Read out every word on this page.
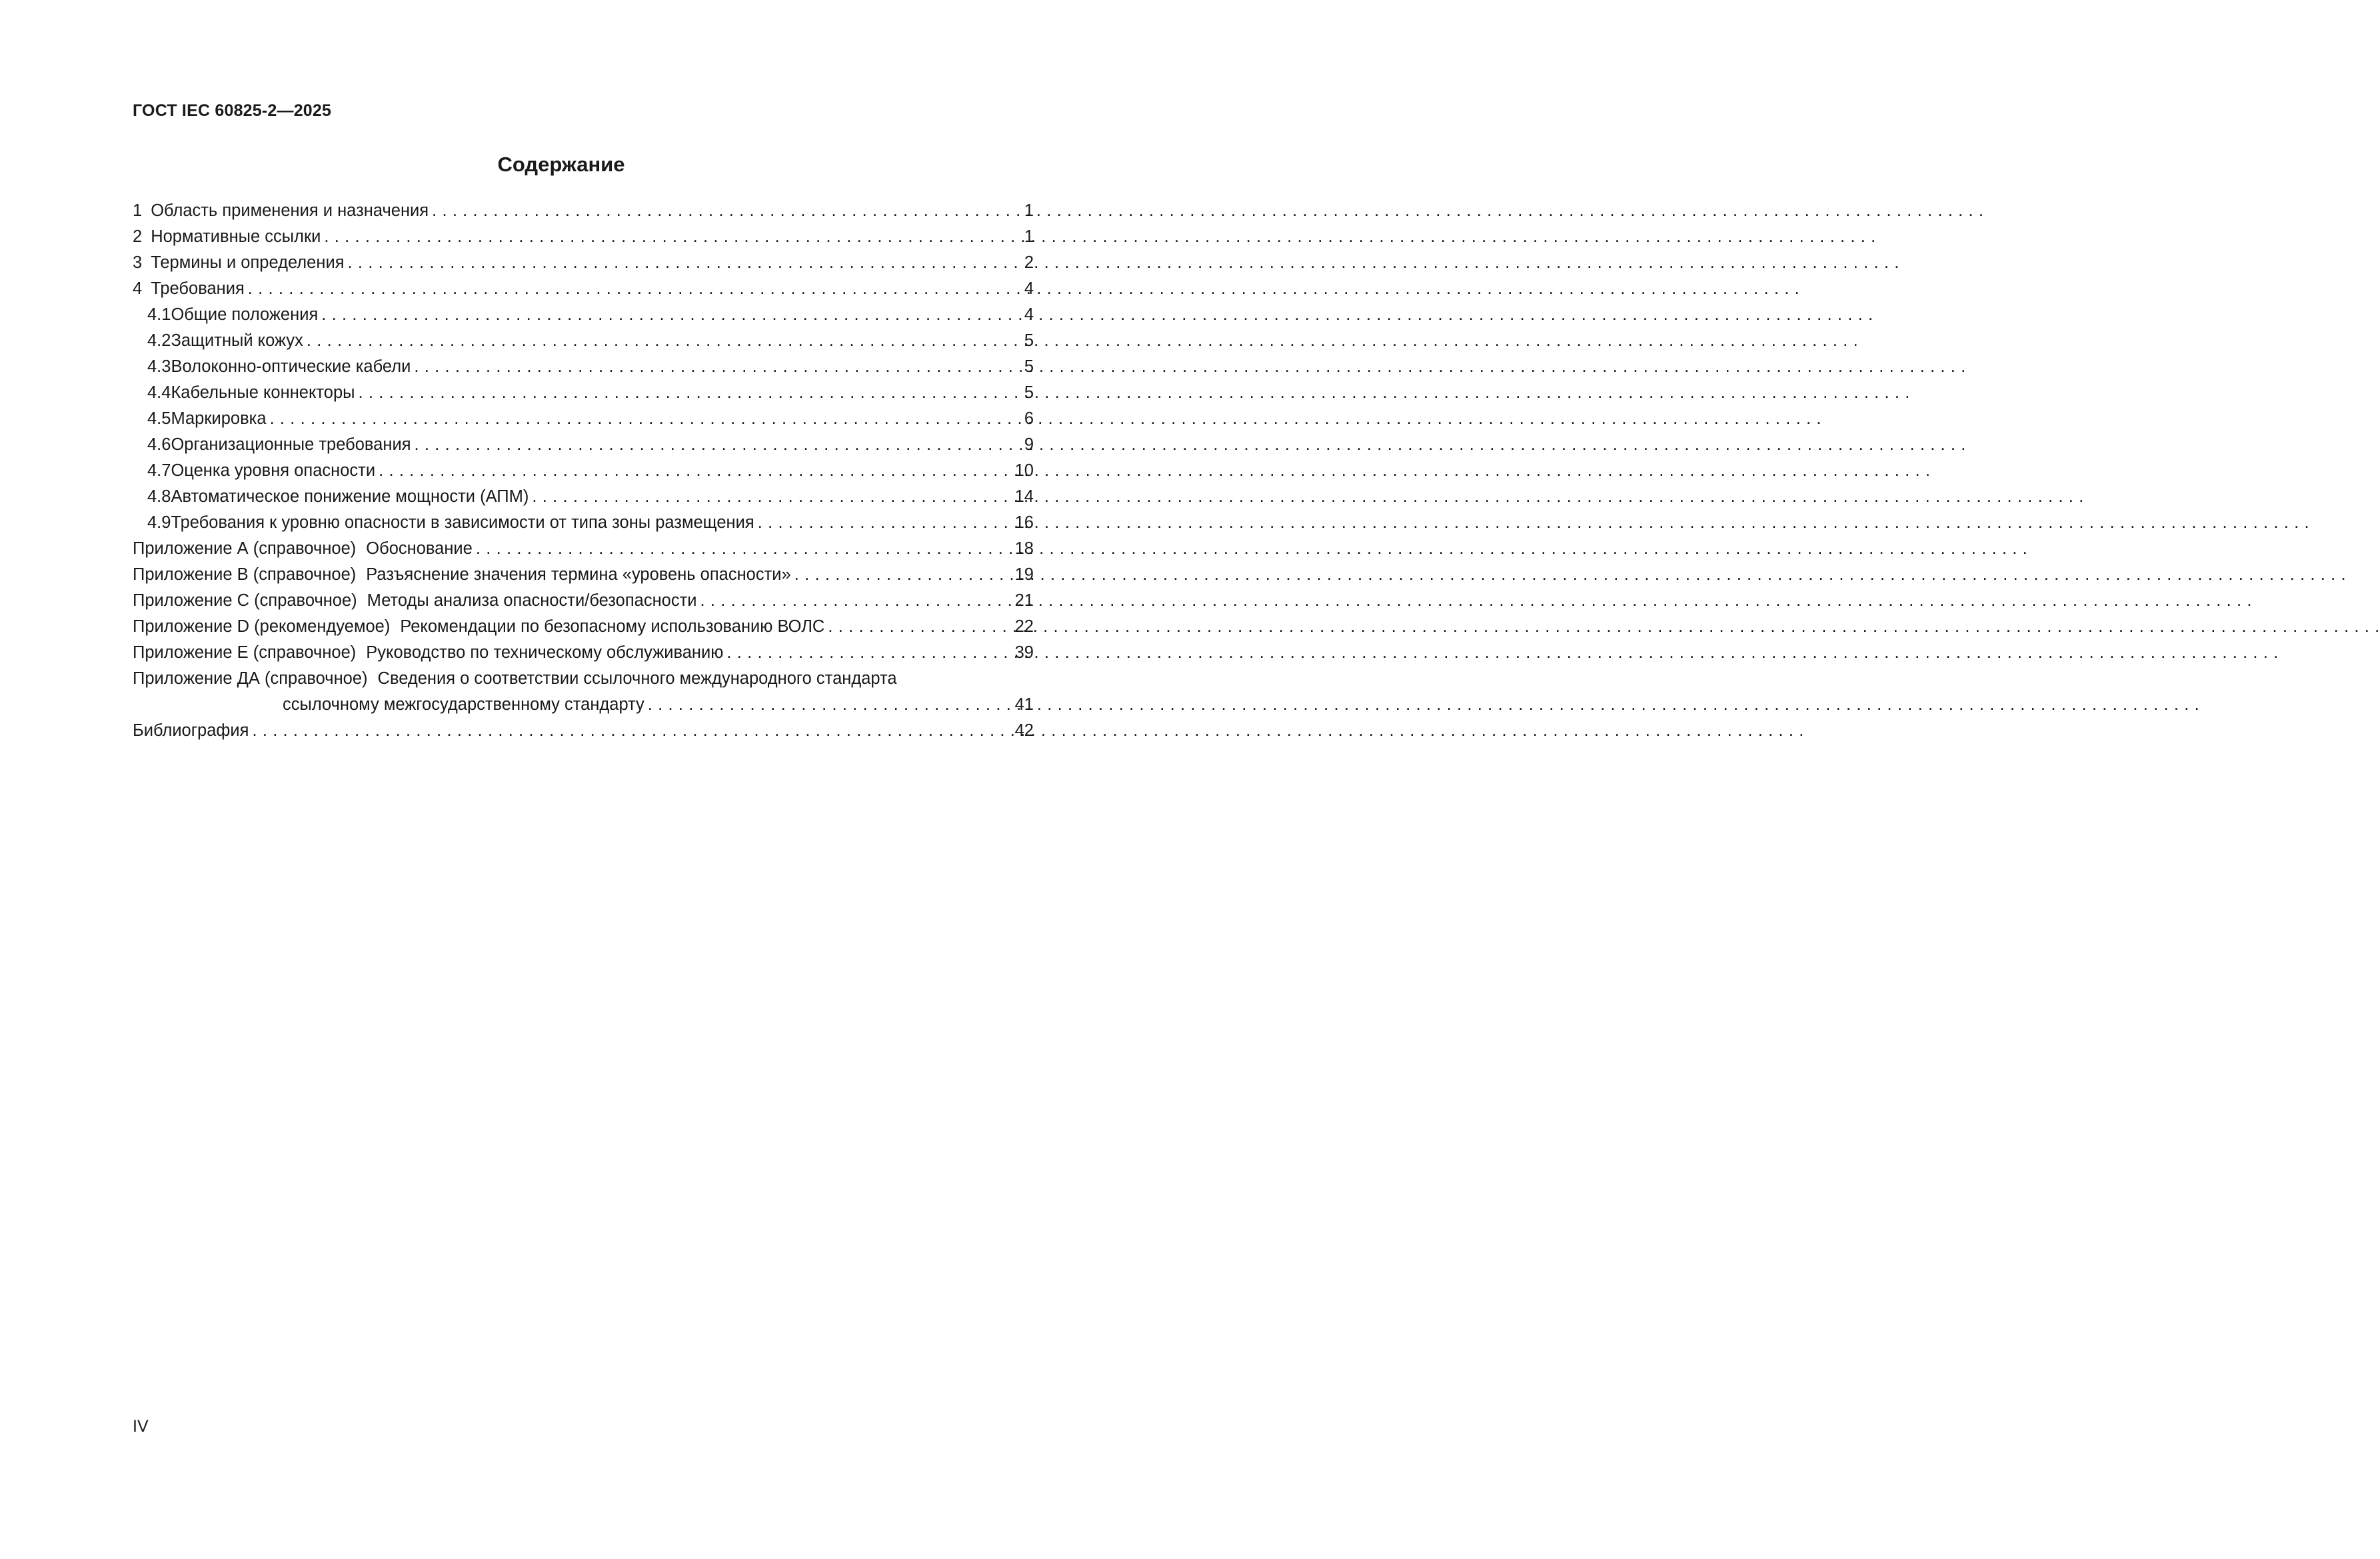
ГОСТ IEC 60825-2—2025
Содержание
1 Область применения и назначения . . .	1
2 Нормативные ссылки . . .	1
3 Термины и определения . . .	2
4 Требования . . .	4
4.1 Общие положения . . .	4
4.2 Защитный кожух . . .	5
4.3 Волоконно-оптические кабели . . .	5
4.4 Кабельные коннекторы . . .	5
4.5 Маркировка . . .	6
4.6 Организационные требования . . .	9
4.7 Оценка уровня опасности . . .	10
4.8 Автоматическое понижение мощности (АПМ) . . .	14
4.9 Требования к уровню опасности в зависимости от типа зоны размещения . . .	16
Приложение А (справочное) Обоснование . . .	18
Приложение В (справочное) Разъяснение значения термина «уровень опасности» . . .	19
Приложение С (справочное) Методы анализа опасности/безопасности . . .	21
Приложение D (рекомендуемое) Рекомендации по безопасному использованию ВОЛС . . .	22
Приложение Е (справочное) Руководство по техническому обслуживанию . . .	39
Приложение ДА (справочное) Сведения о соответствии ссылочного международного стандарта
ссылочному межгосударственному стандарту . . .	41
Библиография . . .	42
IV
